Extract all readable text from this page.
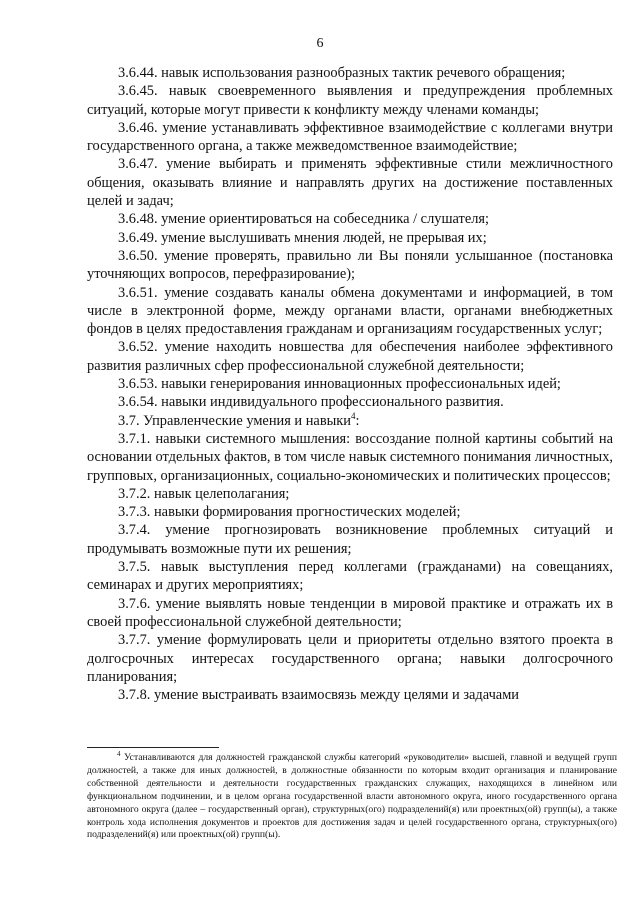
6

3.6.44. навык использования разнообразных тактик речевого обращения;

3.6.45. навык своевременного выявления и предупреждения проблемных ситуаций, которые могут привести к конфликту между членами команды;

3.6.46. умение устанавливать эффективное взаимодействие с коллегами внутри государственного органа, а также межведомственное взаимодействие;

3.6.47. умение выбирать и применять эффективные стили межличностного общения, оказывать влияние и направлять других на достижение поставленных целей и задач;

3.6.48. умение ориентироваться на собеседника / слушателя;

3.6.49. умение выслушивать мнения людей, не прерывая их;

3.6.50. умение проверять, правильно ли Вы поняли услышанное (постановка уточняющих вопросов, перефразирование);

3.6.51. умение создавать каналы обмена документами и информацией, в том числе в электронной форме, между органами власти, органами внебюджетных фондов в целях предоставления гражданам и организациям государственных услуг;

3.6.52. умение находить новшества для обеспечения наиболее эффективного развития различных сфер профессиональной служебной деятельности;

3.6.53. навыки генерирования инновационных профессиональных идей;

3.6.54. навыки индивидуального профессионального развития.

3.7. Управленческие умения и навыки$^4$:

3.7.1. навыки системного мышления: воссоздание полной картины событий на основании отдельных фактов, в том числе навык системного понимания личностных, групповых, организационных, социально-экономических и политических процессов;

3.7.2. навык целеполагания;

3.7.3. навыки формирования прогностических моделей;

3.7.4. умение прогнозировать возникновение проблемных ситуаций и продумывать возможные пути их решения;

3.7.5. навык выступления перед коллегами (гражданами) на совещаниях, семинарах и других мероприятиях;

3.7.6. умение выявлять новые тенденции в мировой практике и отражать их в своей профессиональной служебной деятельности;

3.7.7. умение формулировать цели и приоритеты отдельно взятого проекта в долгосрочных интересах государственного органа; навыки долгосрочного планирования;

3.7.8. умение выстраивать взаимосвязь между целями и задачами

$^4$ Устанавливаются для должностей гражданской службы категорий «руководители» высшей, главной и ведущей групп должностей, а также для иных должностей, в должностные обязанности по которым входит организация и планирование собственной деятельности и деятельности государственных гражданских служащих, находящихся в линейном или функциональном подчинении, и в целом органа государственной власти автономного округа, иного государственного органа автономного округа (далее – государственный орган), структурных(ого) подразделений(я) или проектных(ой) групп(ы), а также контроль хода исполнения документов и проектов для достижения задач и целей государственного органа, структурных(ого) подразделений(я) или проектных(ой) групп(ы).
